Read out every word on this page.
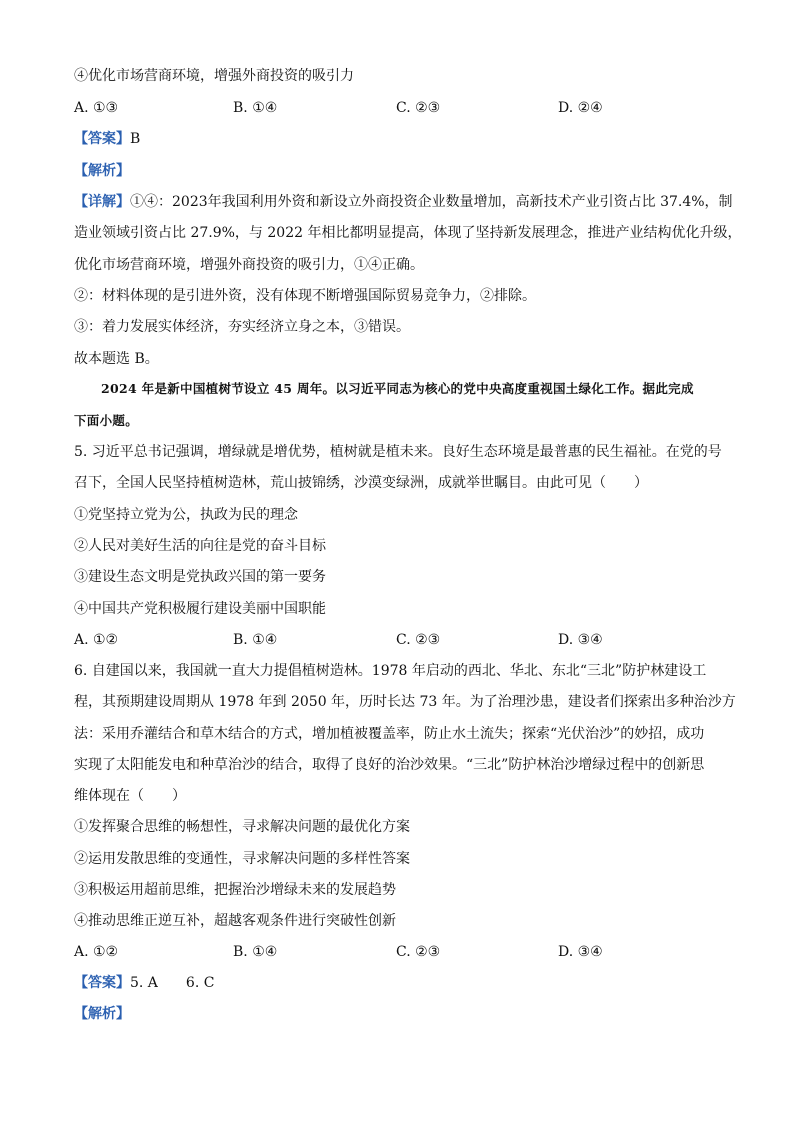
④优化市场营商环境，增强外商投资的吸引力
A. ①③	B. ①④	C. ②③	D. ②④
【答案】B
【解析】
【详解】①④：2023年我国利用外资和新设立外商投资企业数量增加，高新技术产业引资占比 37.4%，制
造业领域引资占比 27.9%，与 2022 年相比都明显提高，体现了坚持新发展理念，推进产业结构优化升级，
优化市场营商环境，增强外商投资的吸引力，①④正确。
②：材料体现的是引进外资，没有体现不断增强国际贸易竞争力，②排除。
③：着力发展实体经济，夯实经济立身之本，③错误。
故本题选 B。
2024 年是新中国植树节设立 45 周年。以习近平同志为核心的党中央高度重视国土绿化工作。据此完成
下面小题。
5. 习近平总书记强调，增绿就是增优势，植树就是植未来。良好生态环境是最普惠的民生福祉。在党的号
召下，全国人民坚持植树造林，荒山披锦绣，沙漠变绿洲，成就举世瞩目。由此可见（　　）
①党坚持立党为公，执政为民的理念
②人民对美好生活的向往是党的奋斗目标
③建设生态文明是党执政兴国的第一要务
④中国共产党积极履行建设美丽中国职能
A. ①②	B. ①④	C. ②③	D. ③④
6. 自建国以来，我国就一直大力提倡植树造林。1978 年启动的西北、华北、东北“三北”防护林建设工
程，其预期建设周期从 1978 年到 2050 年，历时长达 73 年。为了治理沙患，建设者们探索出多种治沙方
法：采用乔灌结合和草木结合的方式，增加植被覆盖率，防止水土流失；探索“光伏治沙”的妙招，成功
实现了太阳能发电和种草治沙的结合，取得了良好的治沙效果。“三北”防护林治沙增绿过程中的创新思
维体现在（　　）
①发挥聚合思维的畅想性，寻求解决问题的最优化方案
②运用发散思维的变通性，寻求解决问题的多样性答案
③积极运用超前思维，把握治沙增绿未来的发展趋势
④推动思维正逆互补，超越客观条件进行突破性创新
A. ①②	B. ①④	C. ②③	D. ③④
【答案】5. A　　6. C
【解析】
